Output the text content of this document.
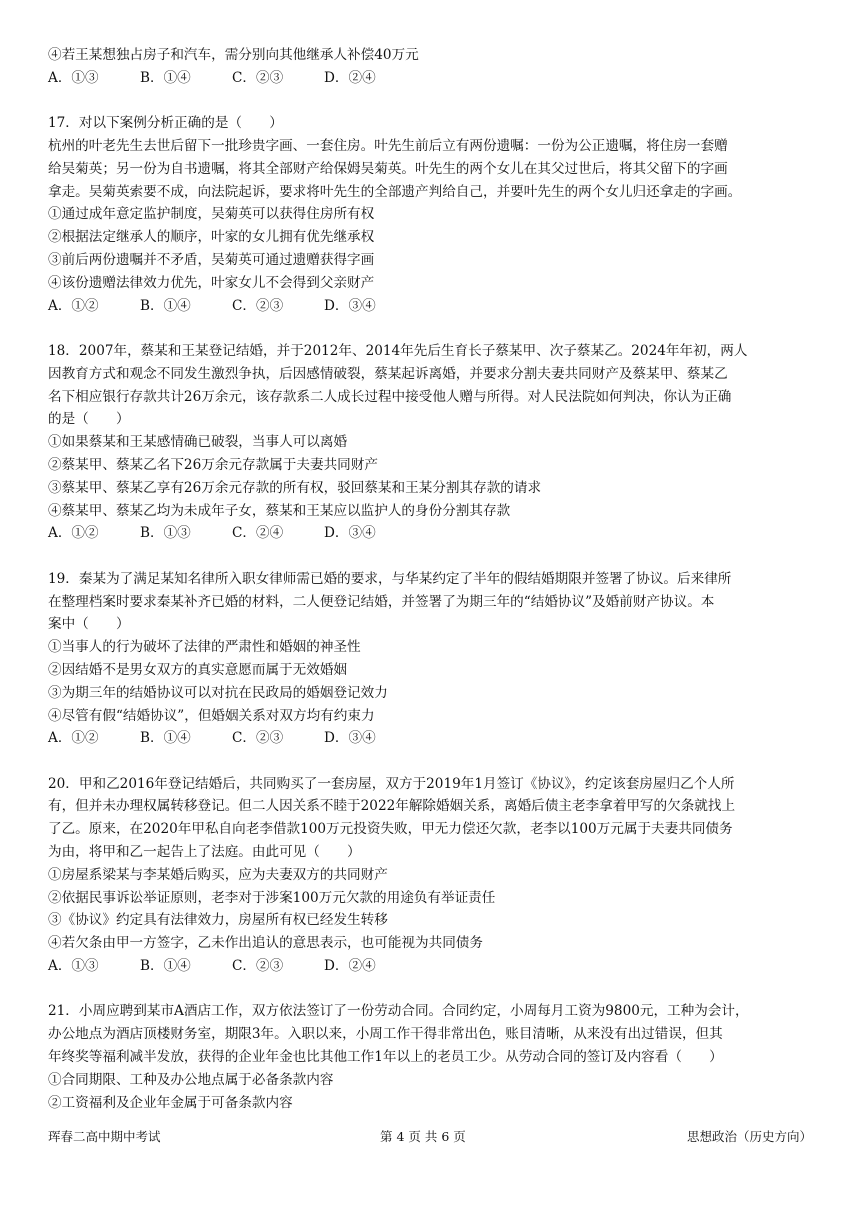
④若王某想独占房子和汽车，需分别向其他继承人补偿40万元
A．①③	B．①④	C．②③	D．②④
17．对以下案例分析正确的是（　　）
杭州的叶老先生去世后留下一批珍贵字画、一套住房。叶先生前后立有两份遗嘱：一份为公正遗嘱，将住房一套赠
给吴菊英；另一份为自书遗嘱，将其全部财产给保姆吴菊英。叶先生的两个女儿在其父过世后，将其父留下的字画
拿走。吴菊英索要不成，向法院起诉，要求将叶先生的全部遗产判给自己，并要叶先生的两个女儿归还拿走的字画。
①通过成年意定监护制度，吴菊英可以获得住房所有权
②根据法定继承人的顺序，叶家的女儿拥有优先继承权
③前后两份遗嘱并不矛盾，吴菊英可通过遗赠获得字画
④该份遗赠法律效力优先，叶家女儿不会得到父亲财产
A．①②	B．①④	C．②③	D．③④
18．2007年，蔡某和王某登记结婚，并于2012年、2014年先后生育长子蔡某甲、次子蔡某乙。2024年年初，两人
因教育方式和观念不同发生激烈争执，后因感情破裂，蔡某起诉离婚，并要求分割夫妻共同财产及蔡某甲、蔡某乙
名下相应银行存款共计26万余元，该存款系二人成长过程中接受他人赠与所得。对人民法院如何判决，你认为正确
的是（　　）
①如果蔡某和王某感情确已破裂，当事人可以离婚
②蔡某甲、蔡某乙名下26万余元存款属于夫妻共同财产
③蔡某甲、蔡某乙享有26万余元存款的所有权，驳回蔡某和王某分割其存款的请求
④蔡某甲、蔡某乙均为未成年子女，蔡某和王某应以监护人的身份分割其存款
A．①②	B．①③	C．②④	D．③④
19．秦某为了满足某知名律所入职女律师需已婚的要求，与华某约定了半年的假结婚期限并签署了协议。后来律所
在整理档案时要求秦某补齐已婚的材料，二人便登记结婚，并签署了为期三年的“结婚协议”及婚前财产协议。本
案中（　　）
①当事人的行为破坏了法律的严肃性和婚姻的神圣性
②因结婚不是男女双方的真实意愿而属于无效婚姻
③为期三年的结婚协议可以对抗在民政局的婚姻登记效力
④尽管有假“结婚协议”，但婚姻关系对双方均有约束力
A．①②	B．①④	C．②③	D．③④
20．甲和乙2016年登记结婚后，共同购买了一套房屋，双方于2019年1月签订《协议》，约定该套房屋归乙个人所
有，但并未办理权属转移登记。但二人因关系不睦于2022年解除婚姻关系，离婚后债主老李拿着甲写的欠条就找上
了乙。原来，在2020年甲私自向老李借款100万元投资失败，甲无力偿还欠款，老李以100万元属于夫妻共同债务
为由，将甲和乙一起告上了法庭。由此可见（　　）
①房屋系梁某与李某婚后购买，应为夫妻双方的共同财产
②依据民事诉讼举证原则，老李对于涉案100万元欠款的用途负有举证责任
③《协议》约定具有法律效力，房屋所有权已经发生转移
④若欠条由甲一方签字，乙未作出追认的意思表示，也可能视为共同债务
A．①③	B．①④	C．②③	D．②④
21．小周应聘到某市A酒店工作，双方依法签订了一份劳动合同。合同约定，小周每月工资为9800元，工种为会计，
办公地点为酒店顶楼财务室，期限3年。入职以来，小周工作干得非常出色，账目清晰，从来没有出过错误，但其
年终奖等福利减半发放，获得的企业年金也比其他工作1年以上的老员工少。从劳动合同的签订及内容看（　　）
①合同期限、工种及办公地点属于必备条款内容
②工资福利及企业年金属于可备条款内容
珲春二高中期中考试	第 4 页 共 6 页	思想政治（历史方向）
